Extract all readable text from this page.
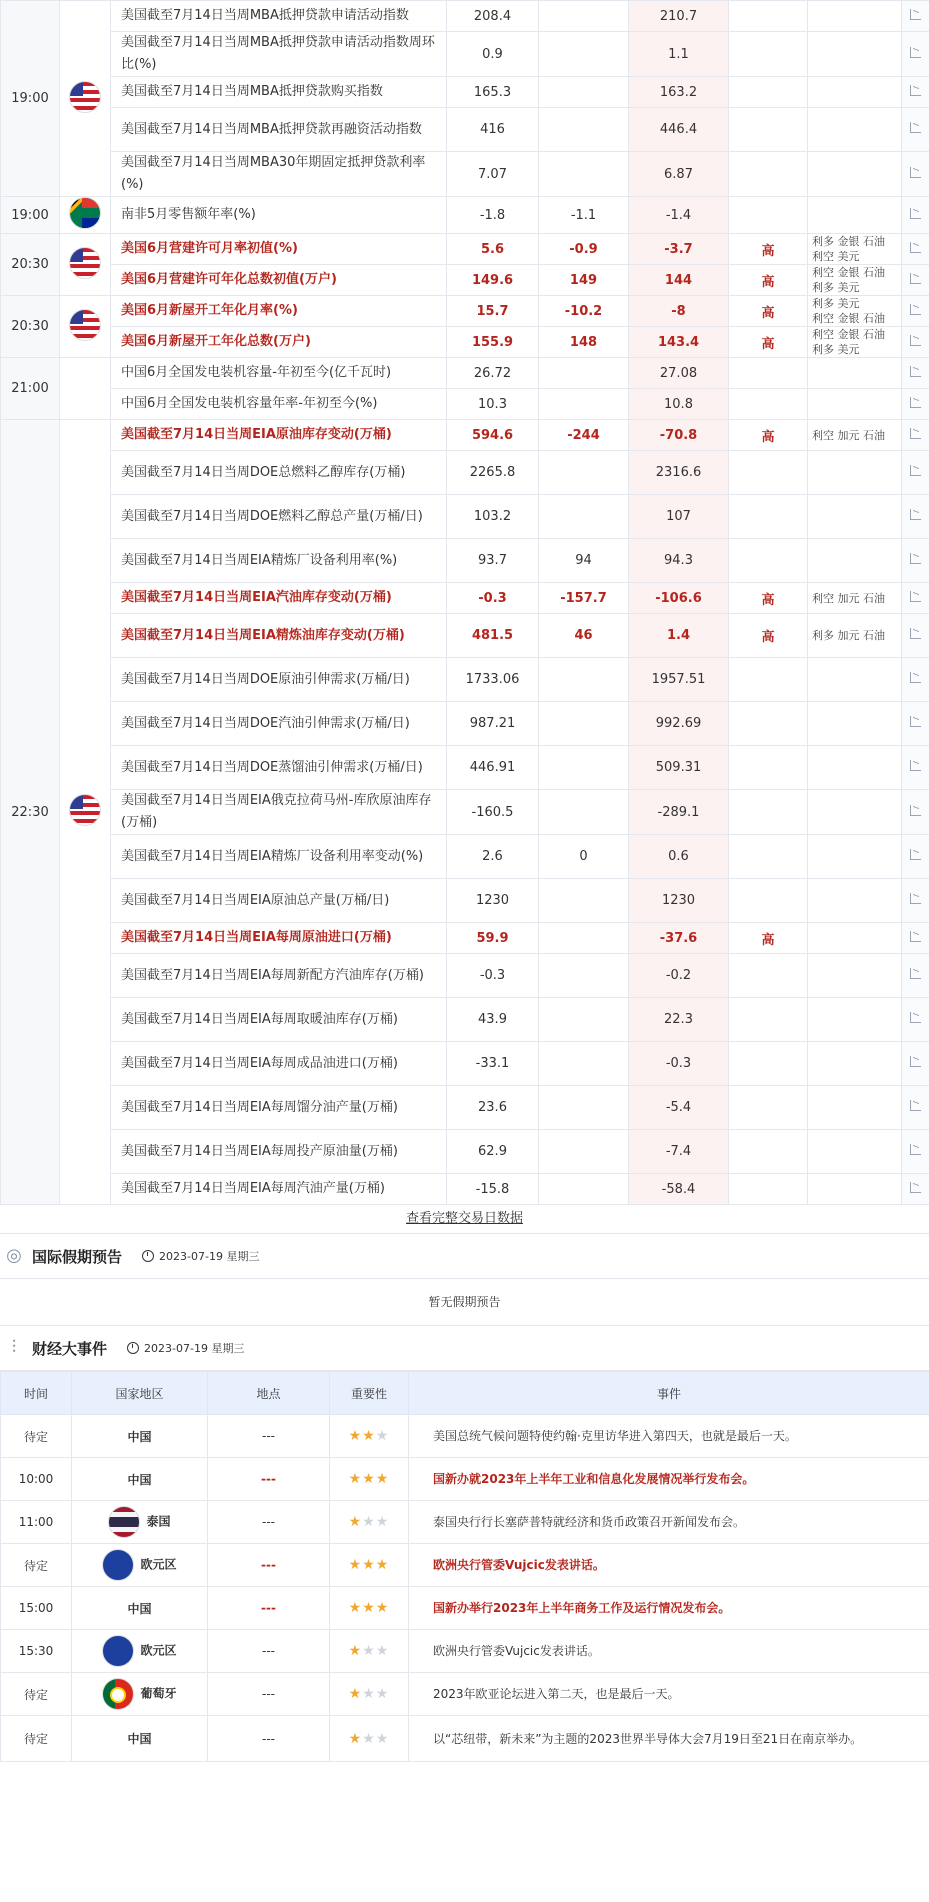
19:00		美国截至7月14日当周MBA抵押贷款申请活动指数	208.4		210.7			
		美国截至7月14日当周MBA抵押贷款申请活动指数周环比(%)	0.9		1.1			
		美国截至7月14日当周MBA抵押贷款购买指数	165.3		163.2			
		美国截至7月14日当周MBA抵押贷款再融资活动指数	416		446.4			
		美国截至7月14日当周MBA30年期固定抵押贷款利率(%)	7.07		6.87			
19:00		南非5月零售额年率(%)	-1.8	-1.1	-1.4			
20:30		美国6月营建许可月率初值(%)	5.6	-0.9	-3.7	高	利多 金银 石油
利空 美元	
		美国6月营建许可年化总数初值(万户)	149.6	149	144	高	利空 金银 石油
利多 美元	
20:30		美国6月新屋开工年化月率(%)	15.7	-10.2	-8	高	利多 美元
利空 金银 石油	
		美国6月新屋开工年化总数(万户)	155.9	148	143.4	高	利空 金银 石油
利多 美元	
21:00		中国6月全国发电装机容量-年初至今(亿千瓦时)	26.72		27.08			
		中国6月全国发电装机容量年率-年初至今(%)	10.3		10.8			
22:30		美国截至7月14日当周EIA原油库存变动(万桶)	594.6	-244	-70.8	高	利空 加元 石油	
		美国截至7月14日当周DOE总燃料乙醇库存(万桶)	2265.8		2316.6			
		美国截至7月14日当周DOE燃料乙醇总产量(万桶/日)	103.2		107			
		美国截至7月14日当周EIA精炼厂设备利用率(%)	93.7	94	94.3			
		美国截至7月14日当周EIA汽油库存变动(万桶)	-0.3	-157.7	-106.6	高	利空 加元 石油	
		美国截至7月14日当周EIA精炼油库存变动(万桶)	481.5	46	1.4	高	利多 加元 石油	
		美国截至7月14日当周DOE原油引伸需求(万桶/日)	1733.06		1957.51			
		美国截至7月14日当周DOE汽油引伸需求(万桶/日)	987.21		992.69			
		美国截至7月14日当周DOE蒸馏油引伸需求(万桶/日)	446.91		509.31			
		美国截至7月14日当周EIA俄克拉荷马州-库欣原油库存(万桶)	-160.5		-289.1			
		美国截至7月14日当周EIA精炼厂设备利用率变动(%)	2.6	0	0.6			
		美国截至7月14日当周EIA原油总产量(万桶/日)	1230		1230			
		美国截至7月14日当周EIA每周原油进口(万桶)	59.9		-37.6	高		
		美国截至7月14日当周EIA每周新配方汽油库存(万桶)	-0.3		-0.2			
		美国截至7月14日当周EIA每周取暖油库存(万桶)	43.9		22.3			
		美国截至7月14日当周EIA每周成品油进口(万桶)	-33.1		-0.3			
		美国截至7月14日当周EIA每周馏分油产量(万桶)	23.6		-5.4			
		美国截至7月14日当周EIA每周投产原油量(万桶)	62.9		-7.4			
		美国截至7月14日当周EIA每周汽油产量(万桶)	-15.8		-58.4			
查看完整交易日数据
◎ 国际假期预告	2023-07-19 星期三
暂无假期预告
⫶	财经大事件	2023-07-19 星期三
时间	国家地区	地点	重要性	事件
待定	中国	---	★★★	美国总统气候问题特使约翰·克里访华进入第四天，也就是最后一天。
10:00	中国	---	★★★	国新办就2023年上半年工业和信息化发展情况举行发布会。
11:00	泰国	---	★★★	泰国央行行长塞萨普特就经济和货币政策召开新闻发布会。
待定	欧元区	---	★★★	欧洲央行管委Vujcic发表讲话。
15:00	中国	---	★★★	国新办举行2023年上半年商务工作及运行情况发布会。
15:30	欧元区	---	★★★	欧洲央行管委Vujcic发表讲话。
待定	葡萄牙	---	★★★	2023年欧亚论坛进入第二天，也是最后一天。
待定	中国	---	★★★	以“芯纽带，新未来”为主题的2023世界半导体大会7月19日至21日在南京举办。
